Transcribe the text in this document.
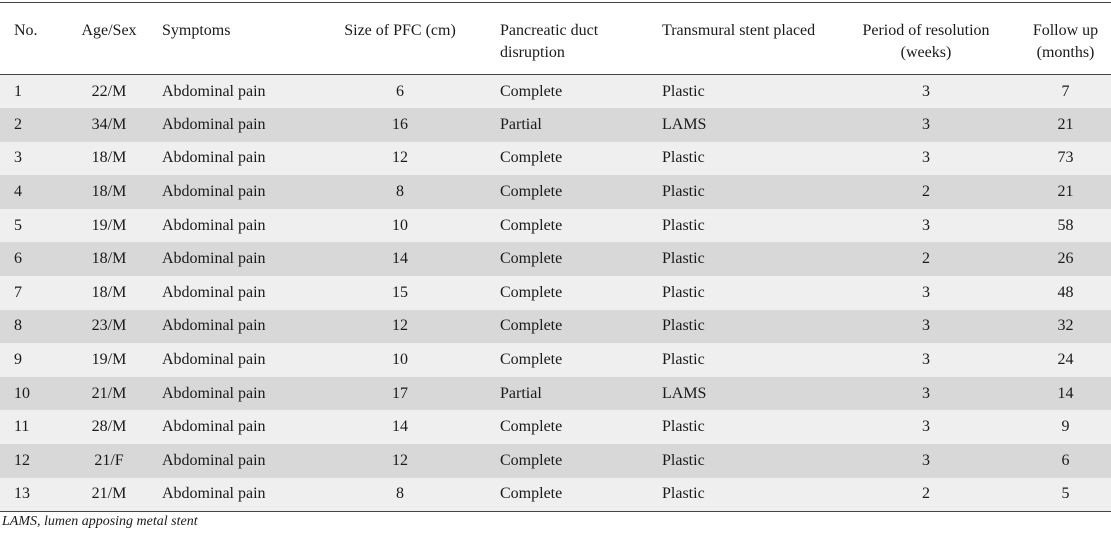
No.	Age/Sex	Symptoms	Size of PFC (cm)	Pancreatic duct disruption	Transmural stent placed	Period of resolution (weeks)	Follow up (months)
1	22/M	Abdominal pain	6	Complete	Plastic	3	7
2	34/M	Abdominal pain	16	Partial	LAMS	3	21
3	18/M	Abdominal pain	12	Complete	Plastic	3	73
4	18/M	Abdominal pain	8	Complete	Plastic	2	21
5	19/M	Abdominal pain	10	Complete	Plastic	3	58
6	18/M	Abdominal pain	14	Complete	Plastic	2	26
7	18/M	Abdominal pain	15	Complete	Plastic	3	48
8	23/M	Abdominal pain	12	Complete	Plastic	3	32
9	19/M	Abdominal pain	10	Complete	Plastic	3	24
10	21/M	Abdominal pain	17	Partial	LAMS	3	14
11	28/M	Abdominal pain	14	Complete	Plastic	3	9
12	21/F	Abdominal pain	12	Complete	Plastic	3	6
13	21/M	Abdominal pain	8	Complete	Plastic	2	5
LAMS, lumen apposing metal stent
